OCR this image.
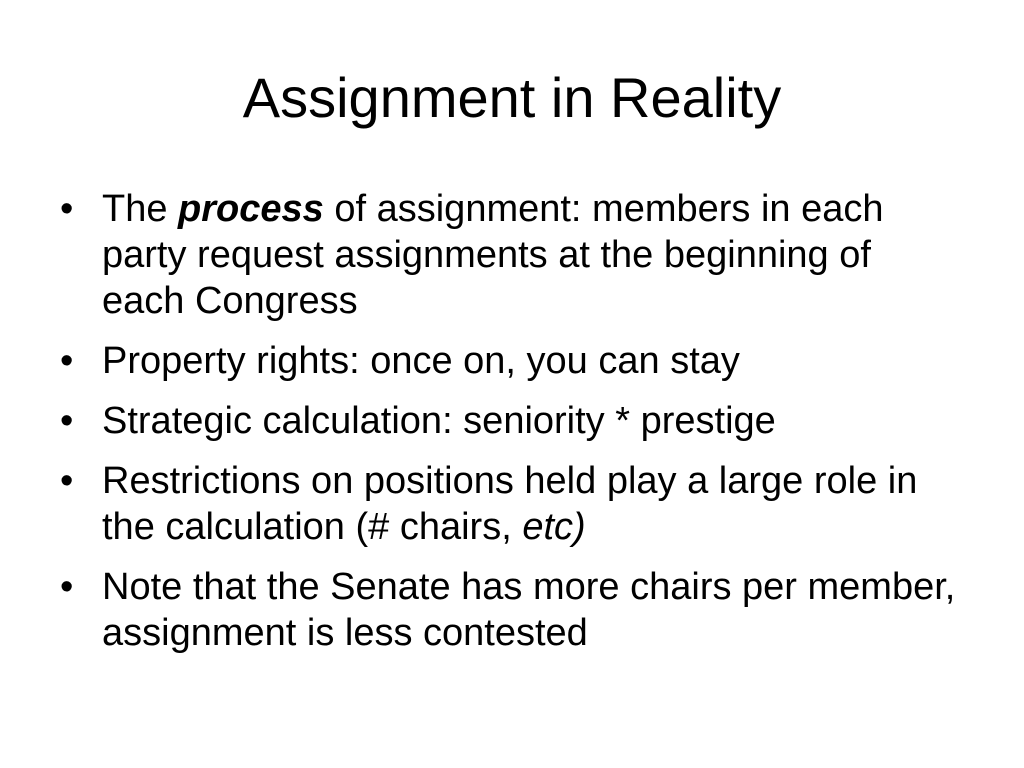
Assignment in Reality
• The process of assignment: members in each party request assignments at the beginning of each Congress
• Property rights: once on, you can stay
• Strategic calculation: seniority * prestige
• Restrictions on positions held play a large role in the calculation (# chairs, etc)
• Note that the Senate has more chairs per member, assignment is less contested
